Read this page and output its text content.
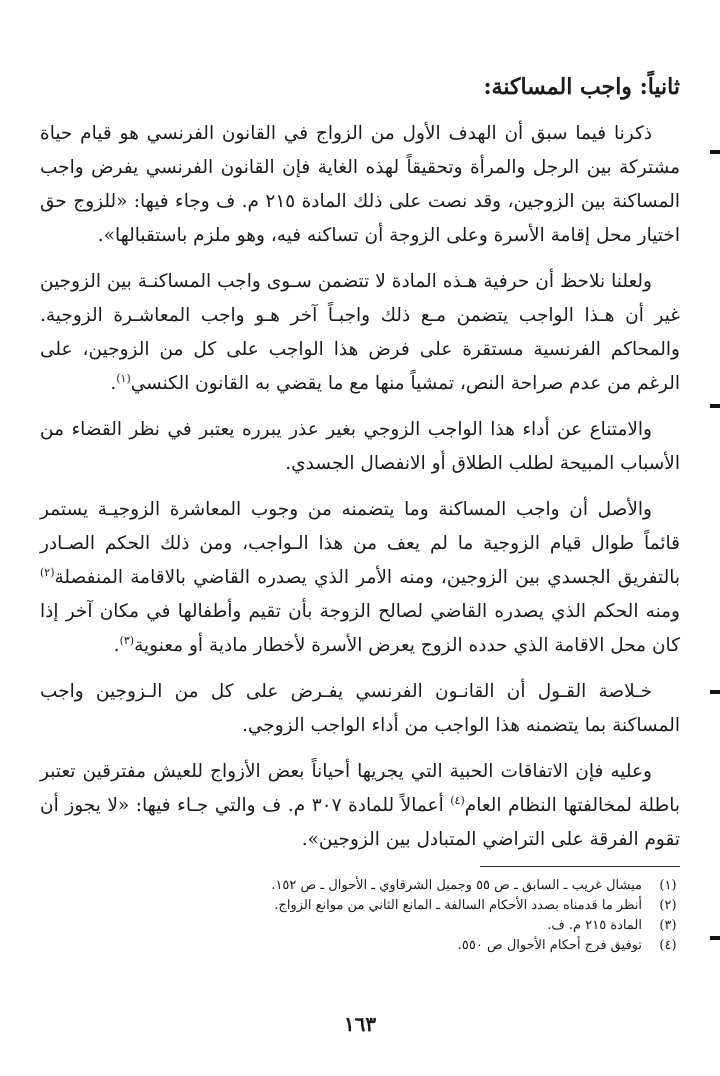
ثانياً: واجب المساكنة:

ذكرنا فيما سبق أن الهدف الأول من الزواج في القانون الفرنسي هو قيام حياة مشتركة بين الرجل والمرأة وتحقيقاً لهذه الغاية فإن القانون الفرنسي يفرض واجب المساكنة بين الزوجين، وقد نصت على ذلك المادة ٢١٥ م. ف وجاء فيها: «للزوج حق اختيار محل إقامة الأسرة وعلى الزوجة أن تساكنه فيه، وهو ملزم باستقبالها».

ولعلنا نلاحظ أن حرفية هـذه المادة لا تتضمن سـوى واجب المساكنـة بين الزوجين غير أن هـذا الواجب يتضمن مـع ذلك واجبـاً آخر هـو واجب المعاشـرة الزوجية. والمحاكم الفرنسية مستقرة على فرض هذا الواجب على كل من الزوجين، على الرغم من عدم صراحة النص، تمشياً منها مع ما يقضي به القانون الكنسي$^{(١)}$.

والامتناع عن أداء هذا الواجب الزوجي بغير عذر يبرره يعتبر في نظر القضاء من الأسباب المبيحة لطلب الطلاق أو الانفصال الجسدي.

والأصل أن واجب المساكنة وما يتضمنه من وجوب المعاشرة الزوجيـة يستمر قائماً طوال قيام الزوجية ما لم يعف من هذا الـواجب، ومن ذلك الحكم الصـادر بالتفريق الجسدي بين الزوجين، ومنه الأمر الذي يصدره القاضي بالاقامة المنفصلة$^{(٢)}$ ومنه الحكم الذي يصدره القاضي لصالح الزوجة بأن تقيم وأطفالها في مكان آخر إذا كان محل الاقامة الذي حدده الزوج يعرض الأسرة لأخطار مادية أو معنوية$^{(٣)}$.

خـلاصة القـول أن القانـون الفرنسي يفـرض على كل من الـزوجين واجب المساكنة بما يتضمنه هذا الواجب من أداء الواجب الزوجي.

وعليه فإن الاتفاقات الحبية التي يجريها أحياناً بعض الأزواج للعيش مفترقين تعتبر باطلة لمخالفتها النظام العام$^{(٤)}$ أعمالاً للمادة ٣٠٧ م. ف والتي جـاء فيها: «لا يجوز أن تقوم الفرقة على التراضي المتبادل بين الزوجين».

(١)
ميشال غريب ـ السابق ـ ص ٥٥ وجميل الشرقاوي ـ الأحوال ـ ص ١٥٢.
(٢)
أنظر ما قدمناه بصدد الأحكام السالفة ـ المانع الثاني من موانع الزواج.
(٣)
المادة ٢١٥ م. ف.
(٤)
توفيق فرج أحكام الأحوال ص ٥٥٠.
١٦٣
